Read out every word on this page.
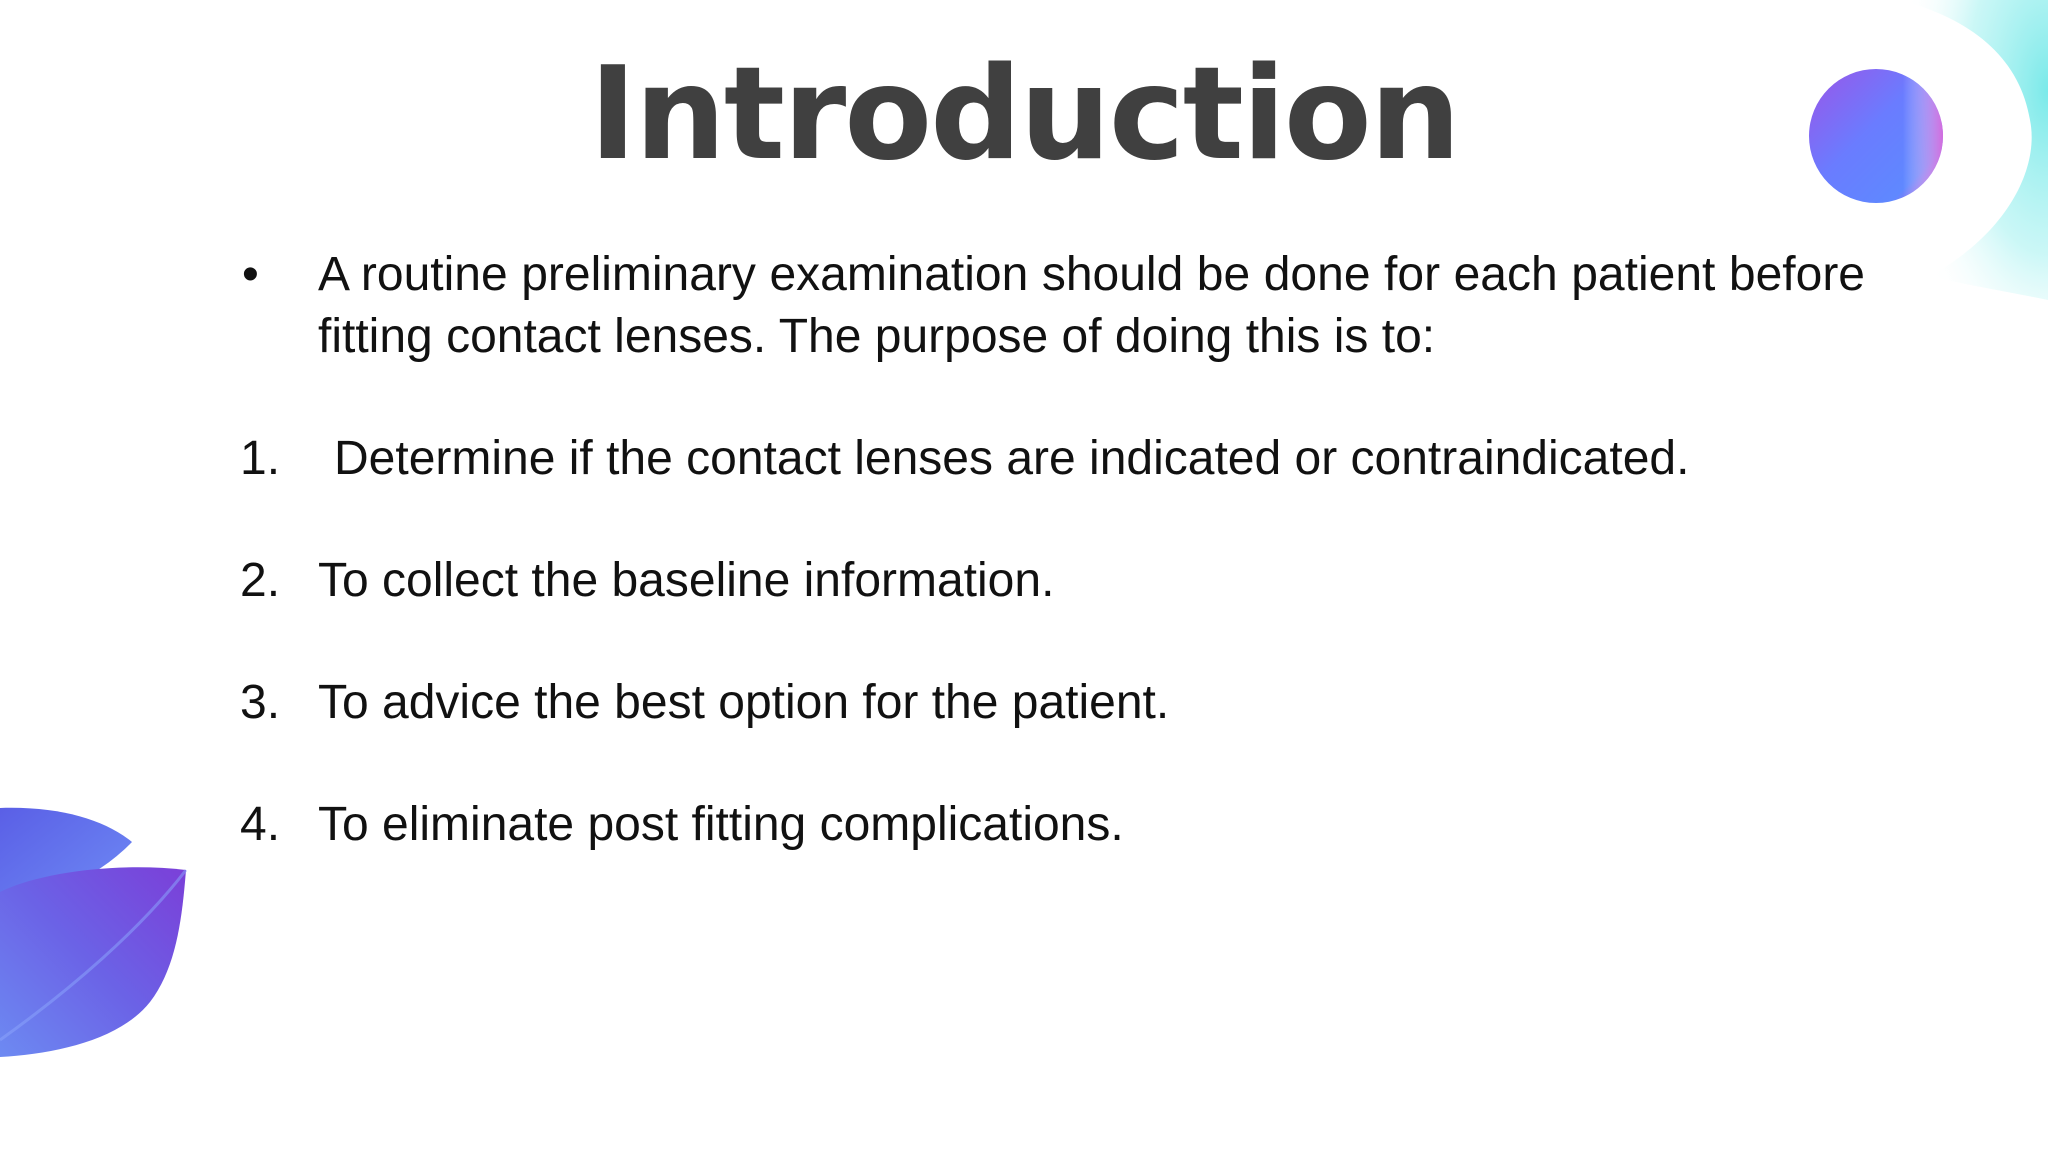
Introduction
• A routine preliminary examination should be done for each patient before fitting contact lenses. The purpose of doing this is to:
1.	Determine if the contact lenses are indicated or contraindicated.
2. To collect the baseline information.
3. To advice the best option for the patient.
4. To eliminate post fitting complications.
